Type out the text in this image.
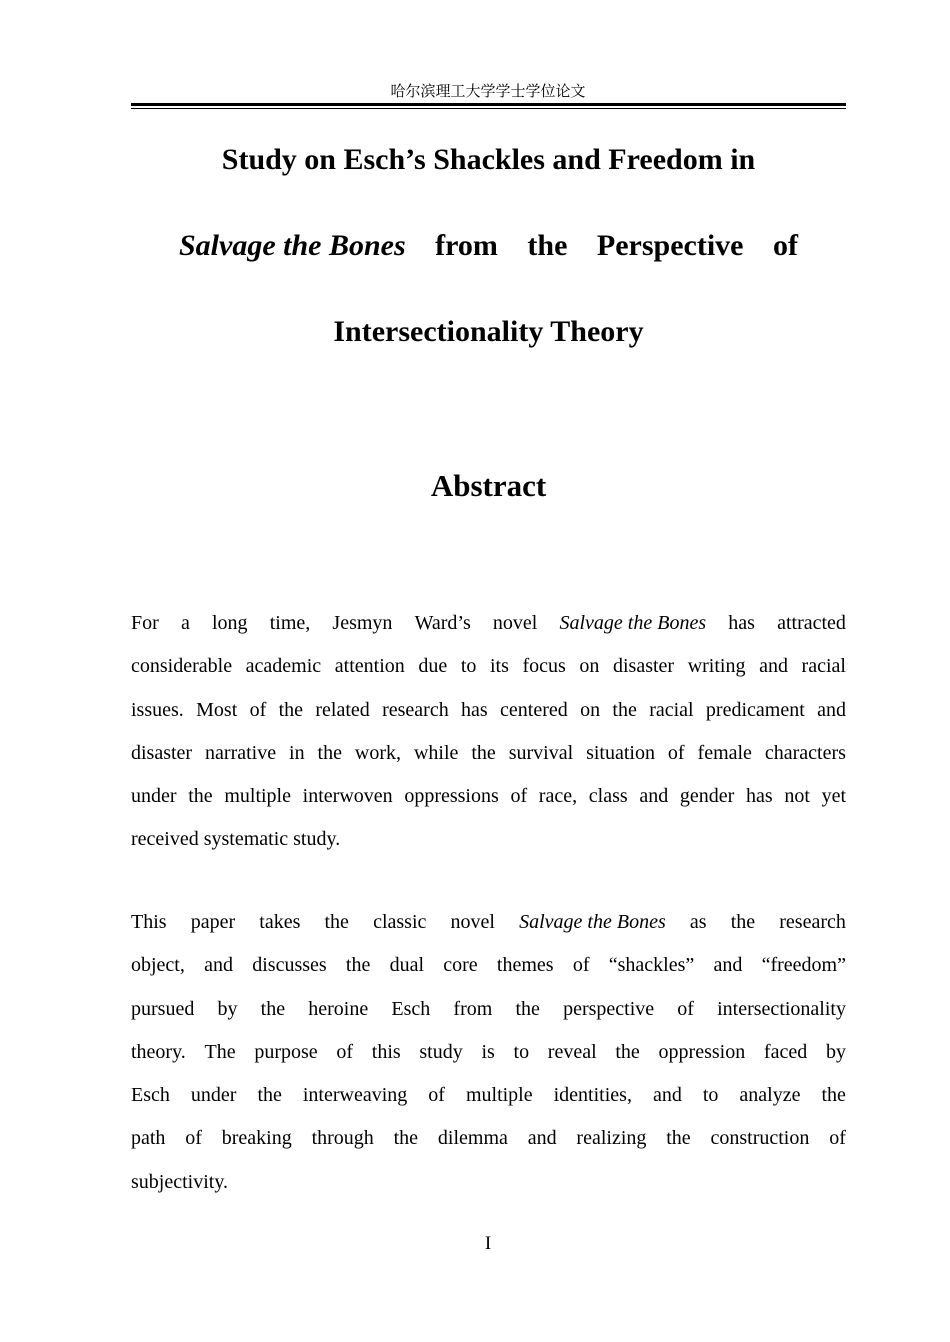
哈尔滨理工大学学士学位论文
Study on Esch’s Shackles and Freedom in
Salvage the Bones from the Perspective of
Intersectionality Theory
Abstract
For a long time, Jesmyn Ward’s novel Salvage the Bones has attracted
considerable academic attention due to its focus on disaster writing and racial
issues. Most of the related research has centered on the racial predicament and
disaster narrative in the work, while the survival situation of female characters
under the multiple interwoven oppressions of race, class and gender has not yet
received systematic study.
This paper takes the classic novel Salvage the Bones as the research
object, and discusses the dual core themes of “shackles” and “freedom”
pursued by the heroine Esch from the perspective of intersectionality
theory. The purpose of this study is to reveal the oppression faced by
Esch under the interweaving of multiple identities, and to analyze the
path of breaking through the dilemma and realizing the construction of
subjectivity.
I
